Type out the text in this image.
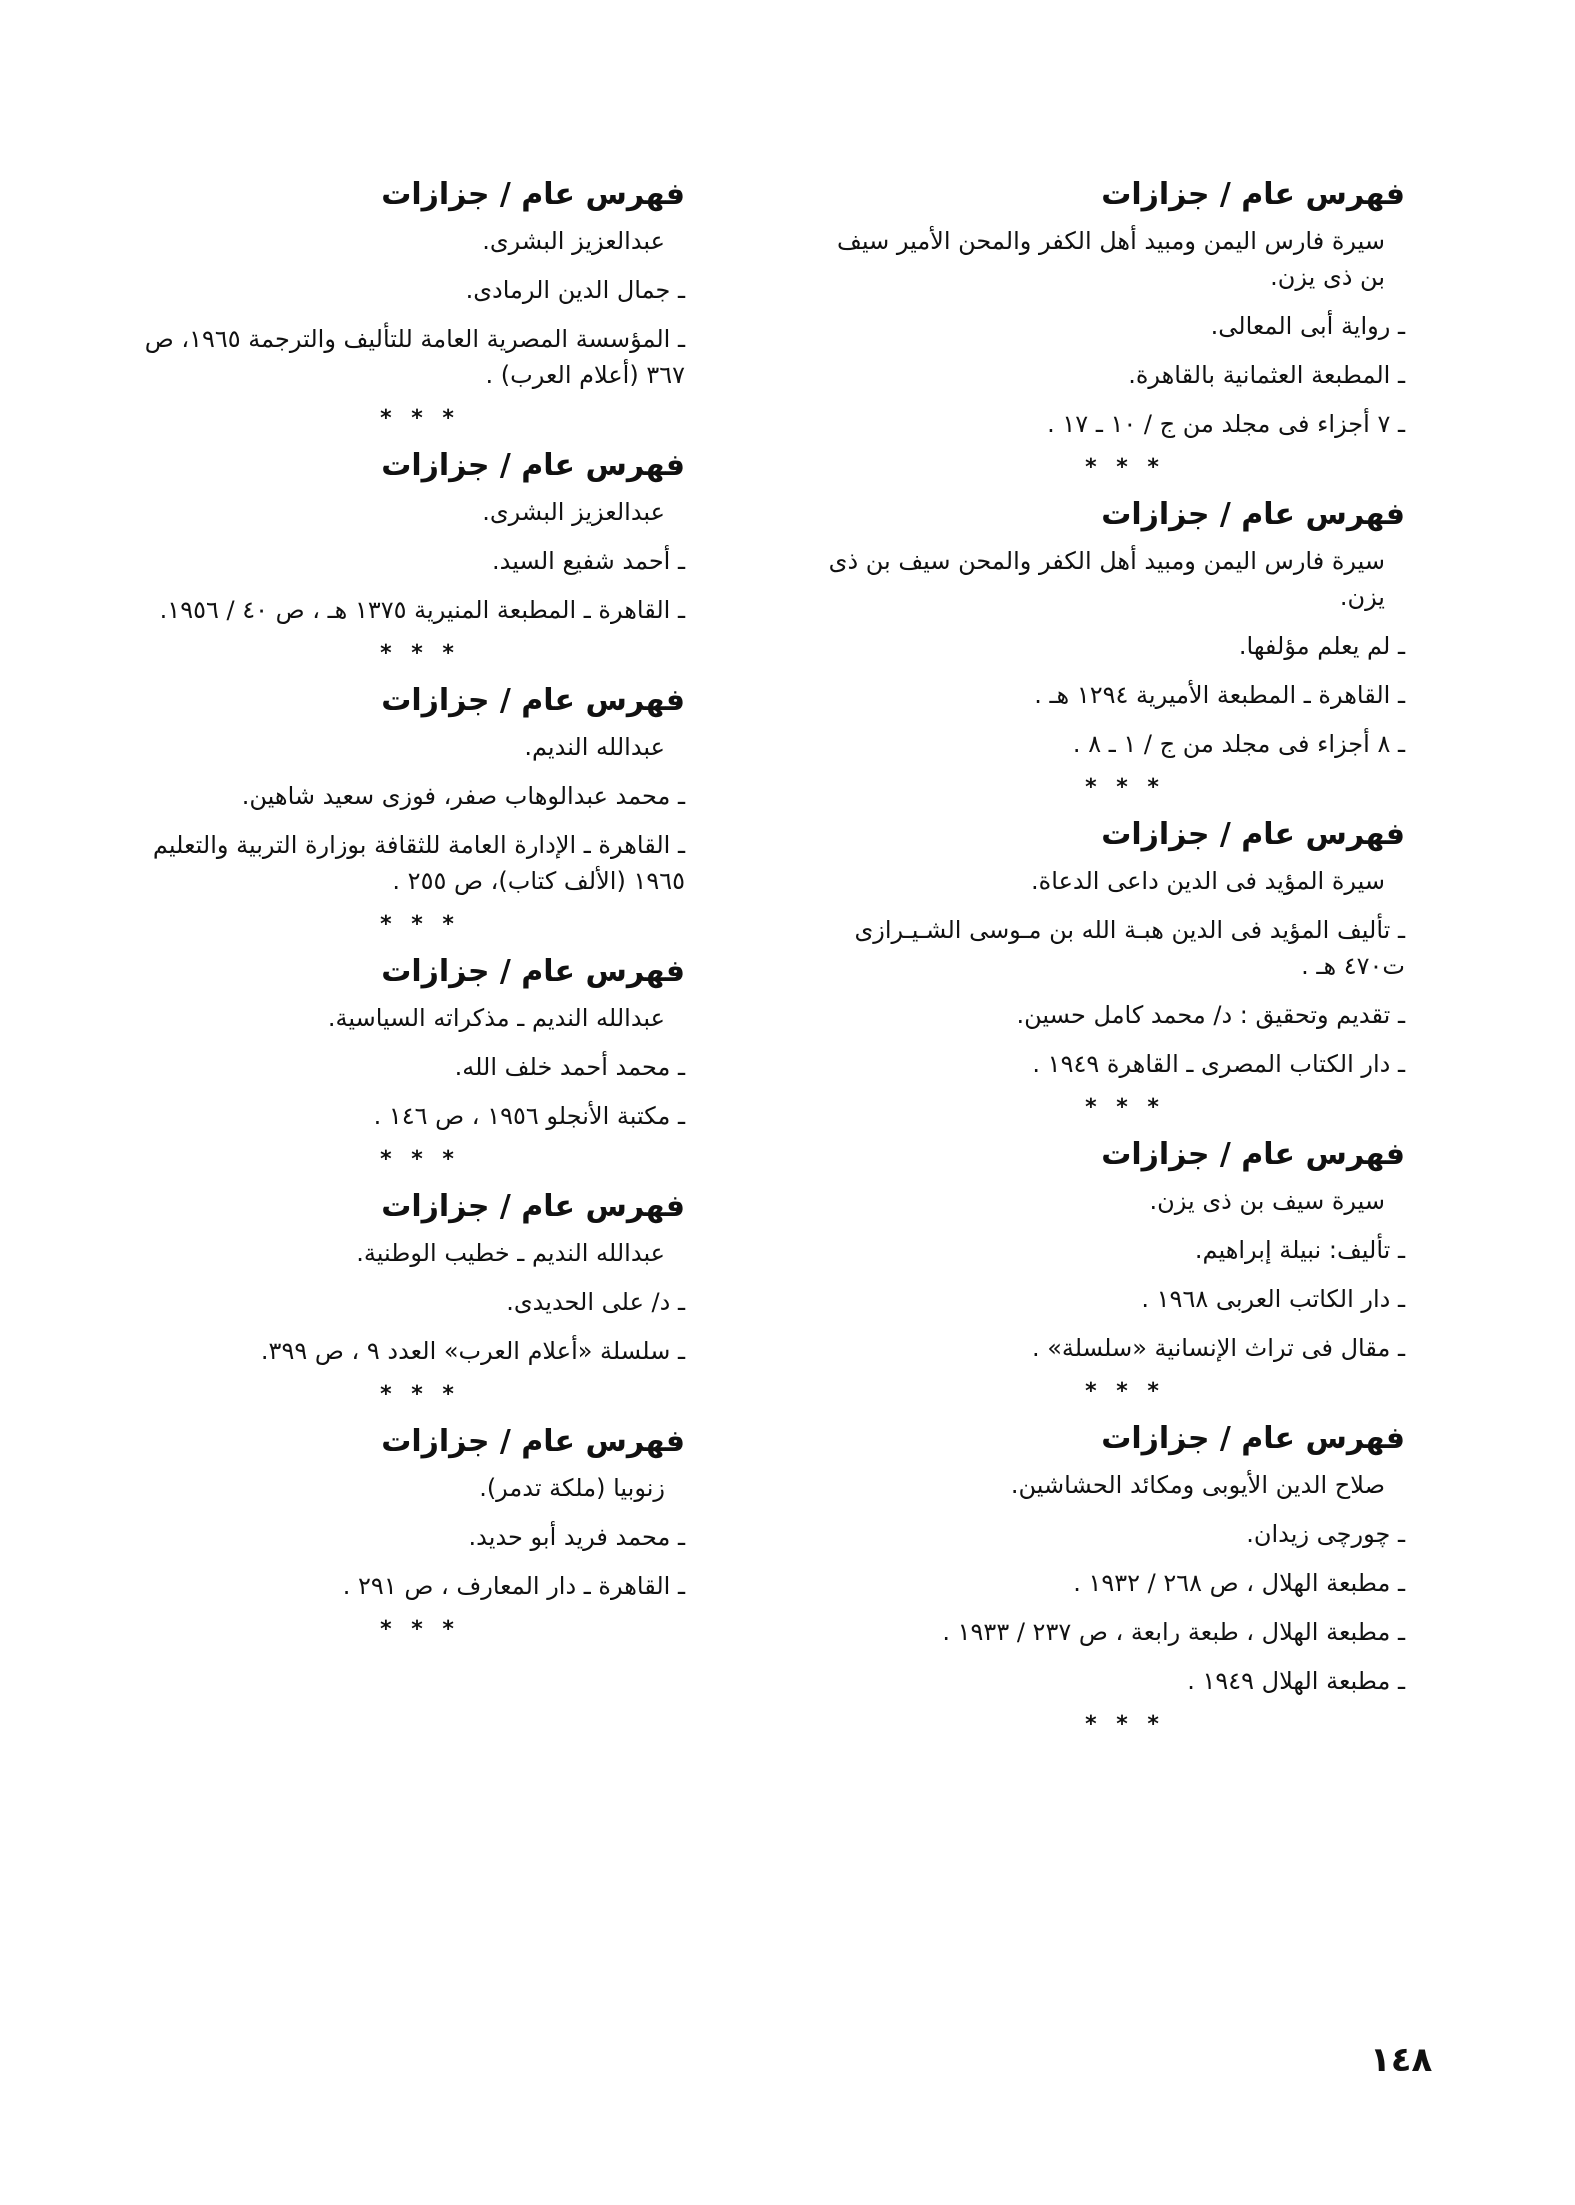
فهرس عام / جزازات
سيرة فارس اليمن ومبيد أهل الكفر والمحن الأمير سيف بن ذى يزن.
ـ رواية أبى المعالى.
ـ المطبعة العثمانية بالقاهرة.
ـ ٧ أجزاء فى مجلد من ج / ١٠ ـ ١٧ .
* * *
فهرس عام / جزازات
سيرة فارس اليمن ومبيد أهل الكفر والمحن سيف بن ذى يزن.
ـ لم يعلم مؤلفها.
ـ القاهرة ـ المطبعة الأميرية ١٢٩٤ هـ .
ـ ٨ أجزاء فى مجلد من ج / ١ ـ ٨ .
* * *
فهرس عام / جزازات
سيرة المؤيد فى الدين داعى الدعاة.
ـ تأليف المؤيد فى الدين هبـة الله بن مـوسى الشـيـرازى ت٤٧٠ هـ .
ـ تقديم وتحقيق : د/ محمد كامل حسين.
ـ دار الكتاب المصرى ـ القاهرة ١٩٤٩ .
* * *
فهرس عام / جزازات
سيرة سيف بن ذى يزن.
ـ تأليف: نبيلة إبراهيم.
ـ دار الكاتب العربى ١٩٦٨ .
ـ مقال فى تراث الإنسانية «سلسلة» .
* * *
فهرس عام / جزازات
صلاح الدين الأيوبى ومكائد الحشاشين.
ـ چورچى زيدان.
ـ مطبعة الهلال ، ص ٢٦٨ / ١٩٣٢ .
ـ مطبعة الهلال ، طبعة رابعة ، ص ٢٣٧ / ١٩٣٣ .
ـ مطبعة الهلال ١٩٤٩ .
* * *
فهرس عام / جزازات
عبدالعزيز البشرى.
ـ جمال الدين الرمادى.
ـ المؤسسة المصرية العامة للتأليف والترجمة ١٩٦٥، ص ٣٦٧ (أعلام العرب) .
* * *
فهرس عام / جزازات
عبدالعزيز البشرى.
ـ أحمد شفيع السيد.
ـ القاهرة ـ المطبعة المنيرية ١٣٧٥ هـ ، ص ٤٠ / ١٩٥٦.
* * *
فهرس عام / جزازات
عبدالله النديم.
ـ محمد عبدالوهاب صفر، فوزى سعيد شاهين.
ـ القاهرة ـ الإدارة العامة للثقافة بوزارة التربية والتعليم ١٩٦٥ (الألف كتاب)، ص ٢٥٥ .
* * *
فهرس عام / جزازات
عبدالله النديم ـ مذكراته السياسية.
ـ محمد أحمد خلف الله.
ـ مكتبة الأنجلو ١٩٥٦ ، ص ١٤٦ .
* * *
فهرس عام / جزازات
عبدالله النديم ـ خطيب الوطنية.
ـ د/ على الحديدى.
ـ سلسلة «أعلام العرب» العدد ٩ ، ص ٣٩٩.
* * *
فهرس عام / جزازات
زنوبيا (ملكة تدمر).
ـ محمد فريد أبو حديد.
ـ القاهرة ـ دار المعارف ، ص ٢٩١ .
* * *
١٤٨
